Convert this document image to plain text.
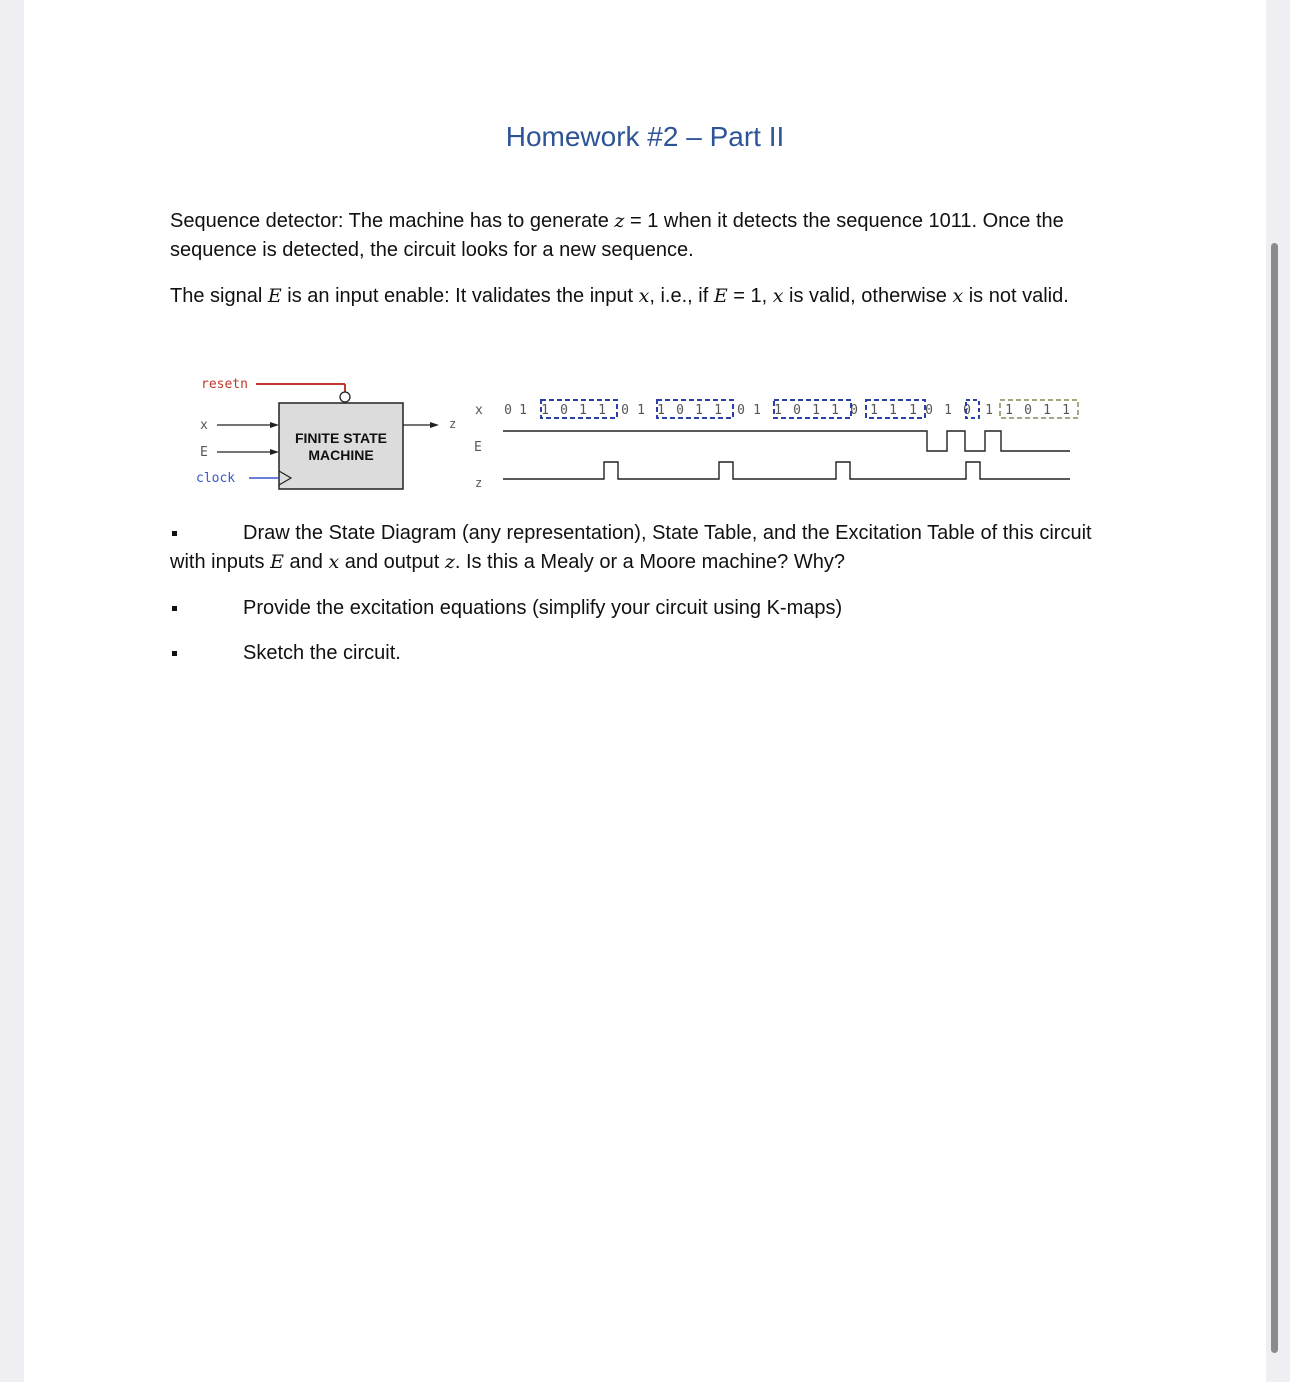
Homework #2 – Part II

Sequence detector: The machine has to generate z = 1 when it detects the sequence 1011. Once the
sequence is detected, the circuit looks for a new sequence.

The signal E is an input enable: It validates the input x, i.e., if E = 1, x is valid, otherwise x is not valid.

resetn
FINITE STATE
MACHINE
x
E
clock
z
x
E
z
0 1 1 0 1 1 0 1 1 0 1 1 0 1 1 0 1 1 0 1 1 1 0 1 0 1 1 0 1 1

Draw the State Diagram (any representation), State Table, and the Excitation Table of this circuit
with inputs E and x and output z. Is this a Mealy or a Moore machine? Why?

Provide the excitation equations (simplify your circuit using K-maps)

Sketch the circuit.
